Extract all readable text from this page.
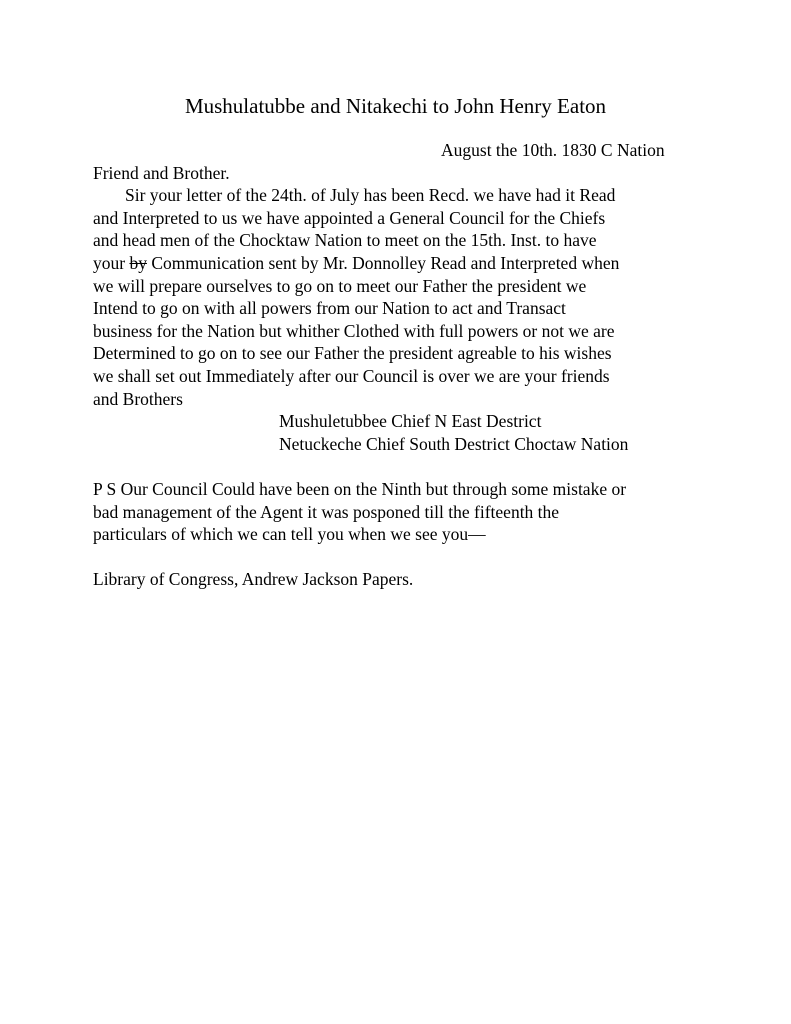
Mushulatubbe and Nitakechi to John Henry Eaton
August the 10th. 1830 C Nation
Friend and Brother.
Sir your letter of the 24th. of July has been Recd. we have had it Read
and Interpreted to us we have appointed a General Council for the Chiefs
and head men of the Chocktaw Nation to meet on the 15th. Inst. to have
your by Communication sent by Mr. Donnolley Read and Interpreted when
we will prepare ourselves to go on to meet our Father the president we
Intend to go on with all powers from our Nation to act and Transact
business for the Nation but whither Clothed with full powers or not we are
Determined to go on to see our Father the president agreable to his wishes
we shall set out Immediately after our Council is over we are your friends
and Brothers
Mushuletubbee Chief N East Destrict
Netuckeche Chief South Destrict Choctaw Nation
P S Our Council Could have been on the Ninth but through some mistake or
bad management of the Agent it was posponed till the fifteenth the
particulars of which we can tell you when we see you—
Library of Congress, Andrew Jackson Papers.
